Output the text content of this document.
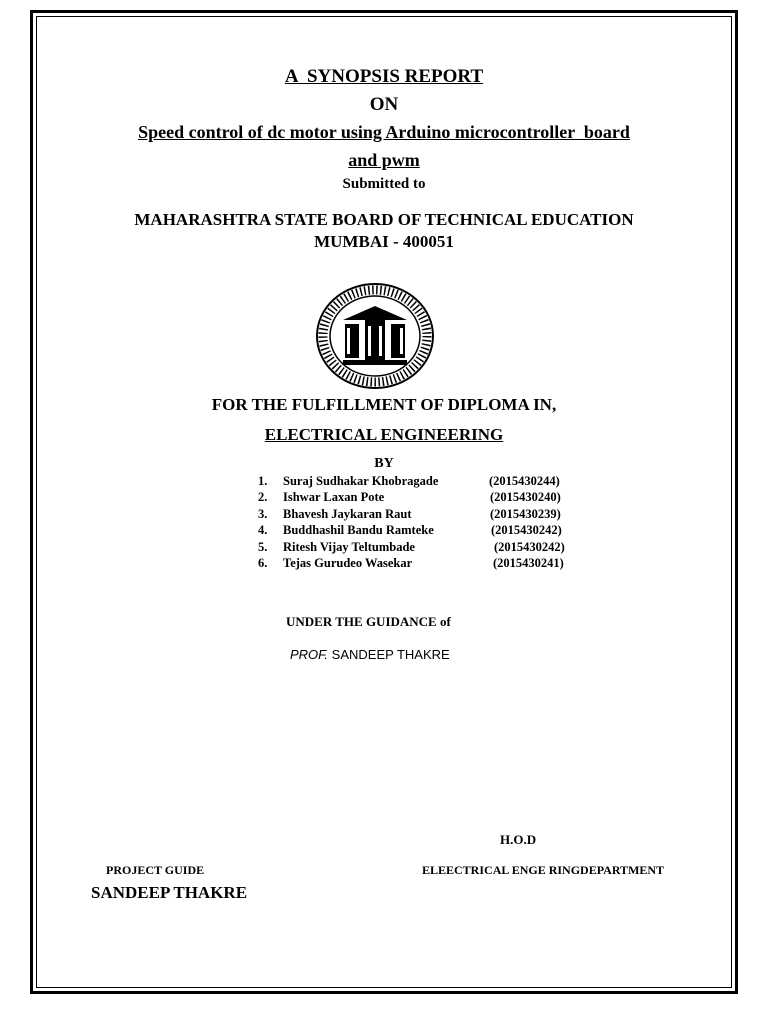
A  SYNOPSIS REPORT
ON
Speed control of dc motor using Arduino microcontroller  board
and pwm
Submitted to
MAHARASHTRA STATE BOARD OF TECHNICAL EDUCATION
MUMBAI - 400051
FOR THE FULFILLMENT OF DIPLOMA IN,
ELECTRICAL ENGINEERING
BY
1. Suraj Sudhakar Khobragade	(2015430244)
2. Ishwar Laxan Pote	(2015430240)
3. Bhavesh Jaykaran Raut	(2015430239)
4. Buddhashil Bandu Ramteke	(2015430242)
5. Ritesh Vijay Teltumbade	(2015430242)
6. Tejas Gurudeo Wasekar	(2015430241)
UNDER THE GUIDANCE of
PROF. SANDEEP THAKRE
H.O.D
PROJECT GUIDE	ELEECTRICAL ENGE RINGDEPARTMENT
SANDEEP THAKRE
